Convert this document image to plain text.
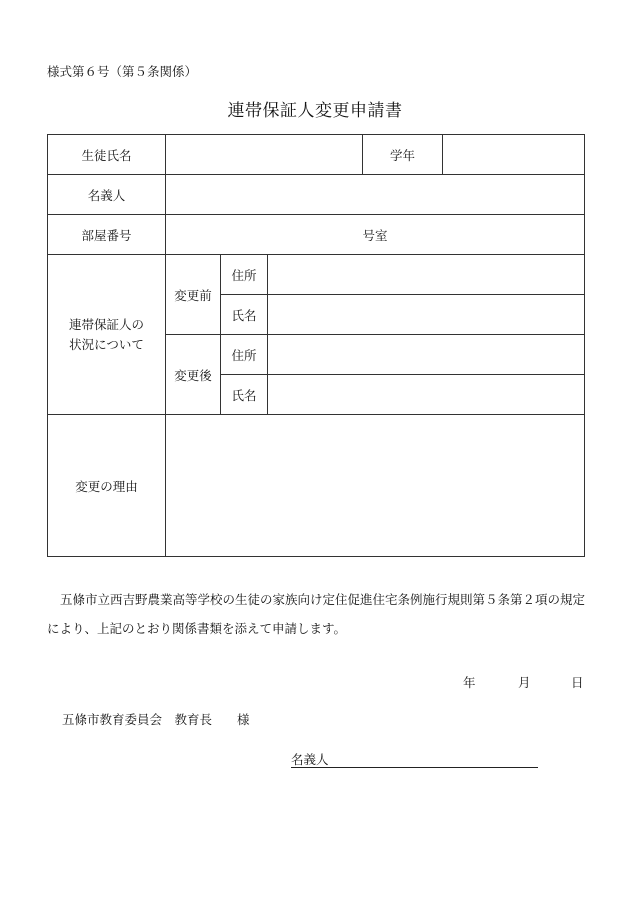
様式第６号（第５条関係）
連帯保証人変更申請書
生徒氏名				学年	
名義人					
部屋番号	号室				

連帯保証人の
状況について	変更前	住所			
		氏名			
	変更後	住所			
		氏名			
変更の理由					
五條市立西吉野農業高等学校の生徒の家族向け定住促進住宅条例施行規則第５条第２項の規定により、上記のとおり関係書類を添えて申請します。
年	月	日
五條市教育委員会　教育長　　様
名義人
